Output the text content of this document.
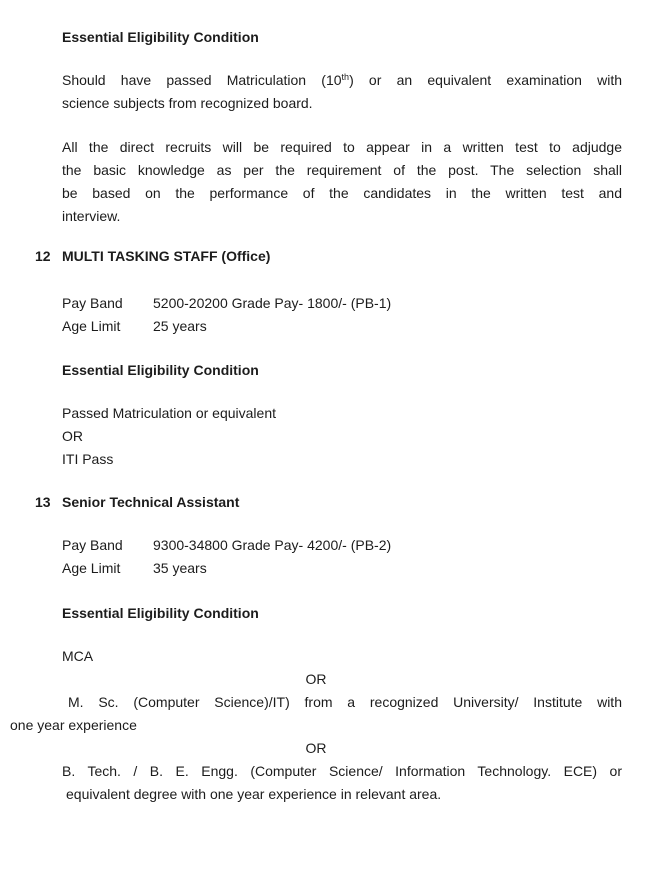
Essential Eligibility Condition
Should have passed Matriculation (10th) or an equivalent examination with
science subjects from recognized board.
All the direct recruits will be required to appear in a written test to adjudge
the basic knowledge as per the requirement of the post. The selection shall
be based on the performance of the candidates in the written test and
interview.
12 MULTI TASKING STAFF (Office)
Pay Band 5200-20200 Grade Pay- 1800/- (PB-1)
Age Limit 25 years
Essential Eligibility Condition
Passed Matriculation or equivalent
OR
ITI Pass
13 Senior Technical Assistant
Pay Band 9300-34800 Grade Pay- 4200/- (PB-2)
Age Limit 35 years
Essential Eligibility Condition
MCA
OR
M. Sc. (Computer Science)/IT) from a recognized University/ Institute with
one year experience
OR
B. Tech. / B. E. Engg. (Computer Science/ Information Technology. ECE) or
equivalent degree with one year experience in relevant area.
